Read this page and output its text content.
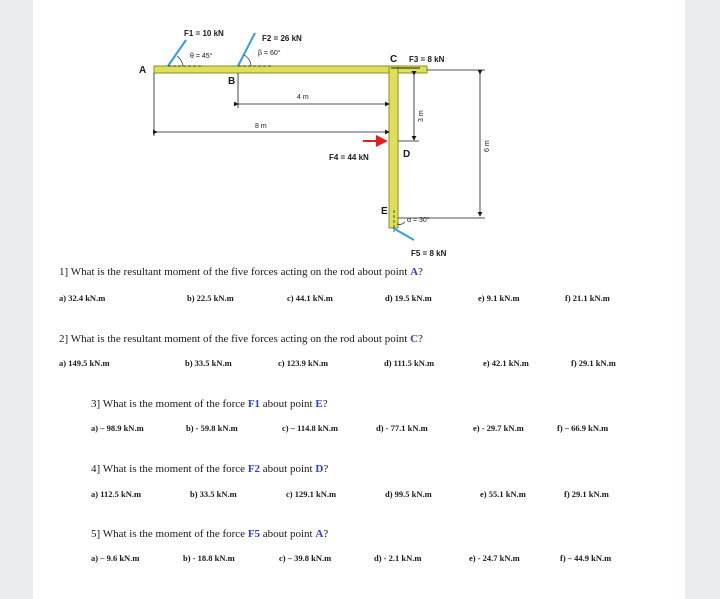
A
B
C
D
E
F1 = 10 kN
F2 = 26 kN
F3 = 8 kN
F4 = 44 kN
F5 = 8 kN
θ = 45°	β = 60°
α = 30°
4 m
8 m
3 m
6 m
1] What is the resultant moment of the five forces acting on the rod about point A?
a) 32.4 kN.m	b) 22.5 kN.m	c) 44.1 kN.m	d) 19.5 kN.m	e) 9.1 kN.m	f) 21.1 kN.m
2] What is the resultant moment of the five forces acting on the rod about point C?
a) 149.5 kN.m	b) 33.5 kN.m	c) 123.9 kN.m	d) 111.5 kN.m	e) 42.1 kN.m	f) 29.1 kN.m
3] What is the moment of the force F1 about point E?
a) – 98.9 kN.m	b) - 59.8 kN.m	c) – 114.8 kN.m	d) - 77.1 kN.m	e) - 29.7 kN.m	f) – 66.9 kN.m
4] What is the moment of the force F2 about point D?
a) 112.5 kN.m	b) 33.5 kN.m	c) 129.1 kN.m	d) 99.5 kN.m	e) 55.1 kN.m	f) 29.1 kN.m
5] What is the moment of the force F5 about point A?
a) – 9.6 kN.m	b) - 18.8 kN.m	c) – 39.8 kN.m	d) - 2.1 kN.m	e) - 24.7 kN.m	f) – 44.9 kN.m
